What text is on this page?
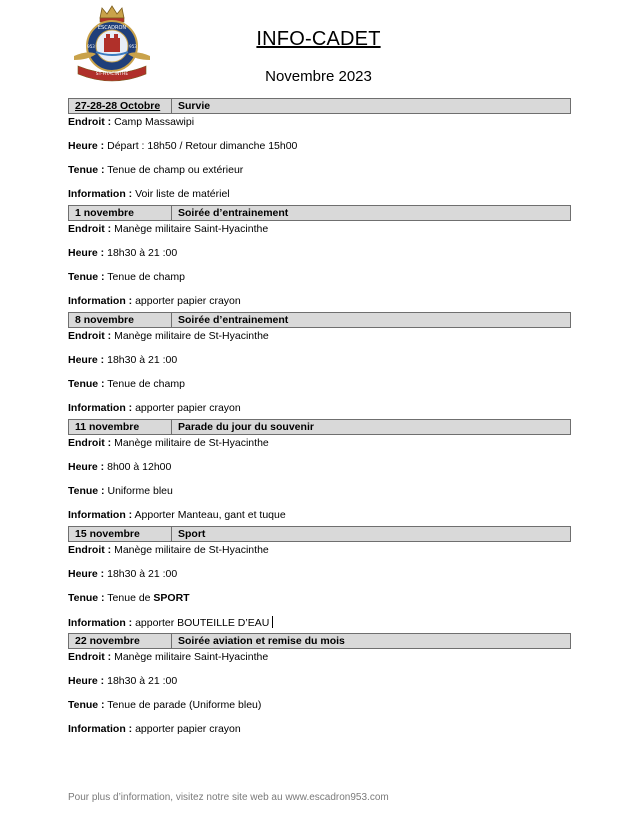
ESCADRON
953	953
ST-HYACINTHE
INFO-CADET
Novembre 2023
27-28-28 Octobre	Survie
Endroit : Camp Massawipi
Heure : Départ : 18h50 / Retour dimanche 15h00
Tenue : Tenue de champ ou extérieur
Information : Voir liste de matériel
1 novembre	Soirée d’entrainement
Endroit : Manège militaire Saint-Hyacinthe
Heure : 18h30 à 21 :00
Tenue : Tenue de champ
Information : apporter papier crayon
8 novembre	Soirée d’entrainement
Endroit : Manège militaire de St-Hyacinthe
Heure : 18h30 à 21 :00
Tenue : Tenue de champ
Information : apporter papier crayon
11 novembre	Parade du jour du souvenir
Endroit : Manège militaire de St-Hyacinthe
Heure : 8h00 à 12h00
Tenue : Uniforme bleu
Information : Apporter Manteau, gant et tuque
15 novembre	Sport
Endroit : Manège militaire de St-Hyacinthe
Heure : 18h30 à 21 :00
Tenue : Tenue de SPORT
Information : apporter BOUTEILLE D’EAU
22 novembre	Soirée aviation et remise du mois
Endroit : Manège militaire Saint-Hyacinthe
Heure : 18h30 à 21 :00
Tenue : Tenue de parade (Uniforme bleu)
Information : apporter papier crayon
Pour plus d’information, visitez notre site web au www.escadron953.com
